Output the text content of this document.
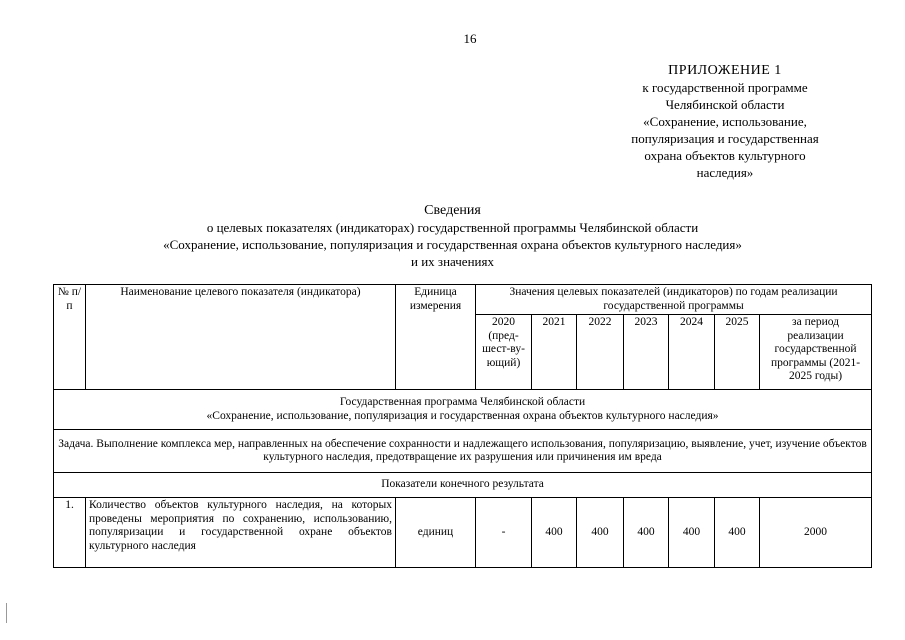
16
ПРИЛОЖЕНИЕ 1
к государственной программе
Челябинской области
«Сохранение, использование,
популяризация и государственная
охрана объектов культурного
наследия»
Сведения
о целевых показателях (индикаторах) государственной программы Челябинской области
«Сохранение, использование, популяризация и государственная охрана объектов культурного наследия»
и их значениях
№ п/п	Наименование целевого показателя (индикатора)	Единица измерения	Значения целевых показателей (индикаторов) по годам реализации государственной программы						
			2020 (пред-шест-ву-ющий)	2021	2022	2023	2024	2025	за период реализации государственной программы (2021-2025 годы)

Государственная программа Челябинской области
«Сохранение, использование, популяризация и государственная охрана объектов культурного наследия»									

Задача. Выполнение комплекса мер, направленных на обеспечение сохранности и надлежащего использования, популяризацию, выявление, учет, изучение объектов культурного наследия, предотвращение их разрушения или причинения им вреда									
Показатели конечного результата									
1.	Количество объектов культурного наследия, на которых проведены мероприятия по сохранению, использованию, популяризации и государственной охране объектов культурного наследия	единиц	-	400	400	400	400	400	2000
